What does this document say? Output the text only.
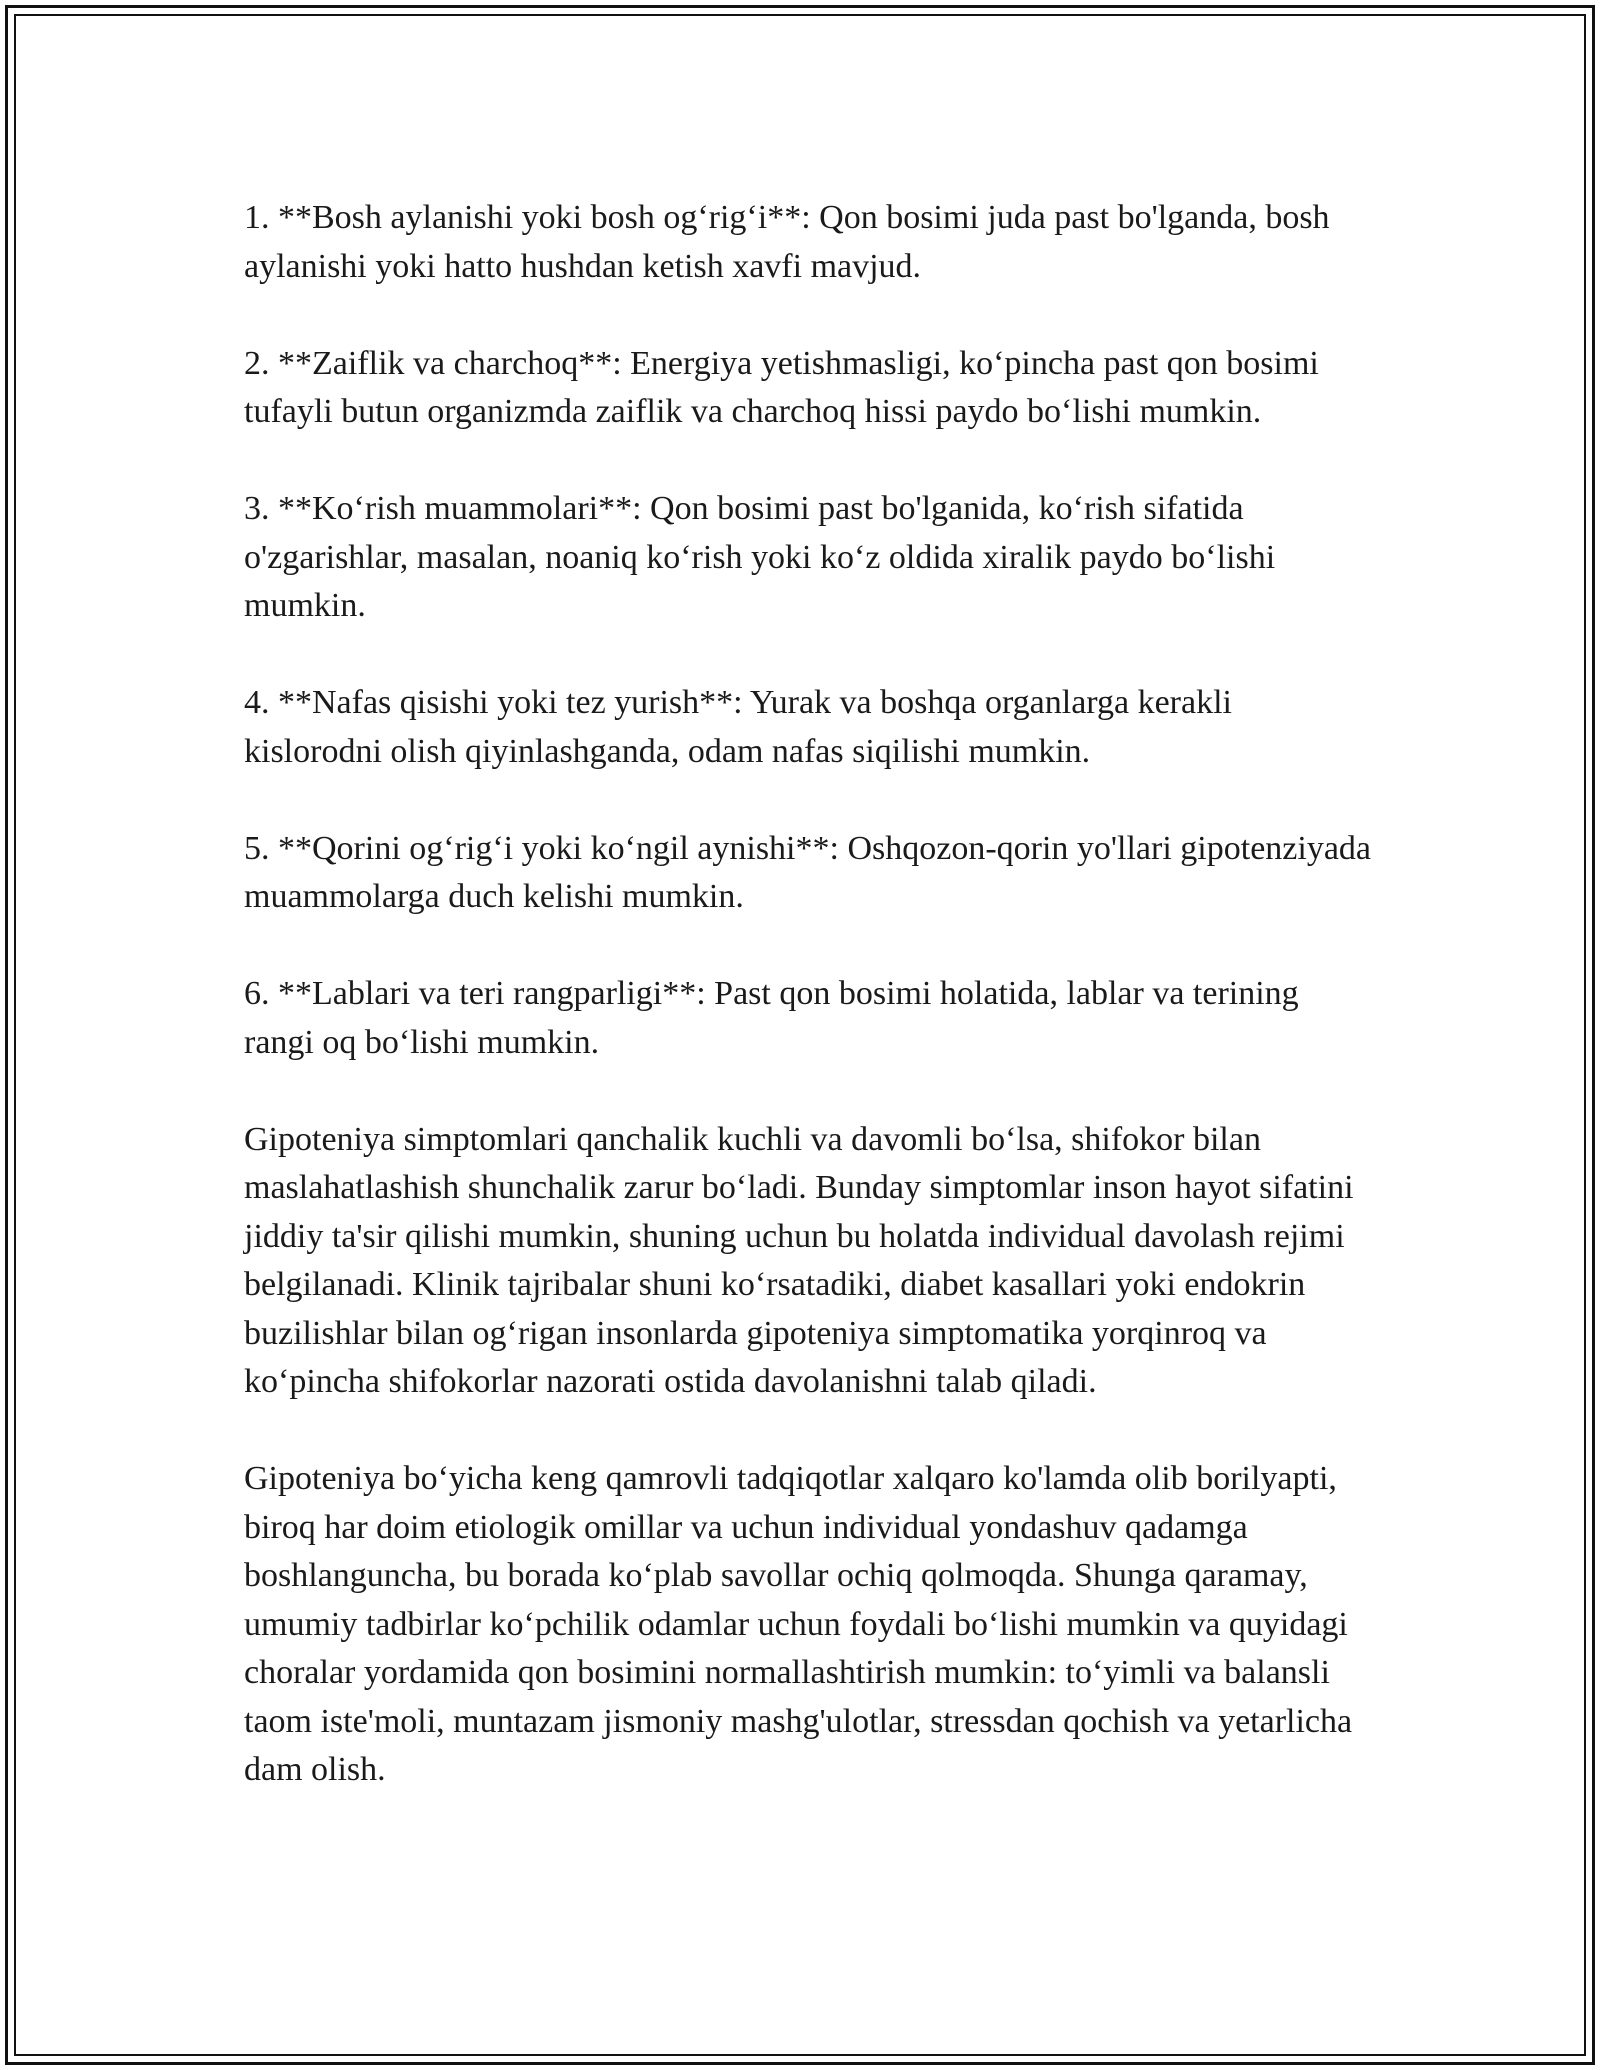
1. **Bosh aylanishi yoki bosh og‘rig‘i**: Qon bosimi juda past bo'lganda, bosh aylanishi yoki hatto hushdan ketish xavfi mavjud.

2. **Zaiflik va charchoq**: Energiya yetishmasligi, ko‘pincha past qon bosimi tufayli butun organizmda zaiflik va charchoq hissi paydo bo‘lishi mumkin.

3. **Ko‘rish muammolari**: Qon bosimi past bo'lganida, ko‘rish sifatida o'zgarishlar, masalan, noaniq ko‘rish yoki ko‘z oldida xiralik paydo bo‘lishi mumkin.

4. **Nafas qisishi yoki tez yurish**: Yurak va boshqa organlarga kerakli kislorodni olish qiyinlashganda, odam nafas siqilishi mumkin.

5. **Qorini og‘rig‘i yoki ko‘ngil aynishi**: Oshqozon-qorin yo'llari gipotenziyada muammolarga duch kelishi mumkin.

6. **Lablari va teri rangparligi**: Past qon bosimi holatida, lablar va terining rangi oq bo‘lishi mumkin.

Gipoteniya simptomlari qanchalik kuchli va davomli bo‘lsa, shifokor bilan maslahatlashish shunchalik zarur bo‘ladi. Bunday simptomlar inson hayot sifatini jiddiy ta'sir qilishi mumkin, shuning uchun bu holatda individual davolash rejimi belgilanadi. Klinik tajribalar shuni ko‘rsatadiki, diabet kasallari yoki endokrin buzilishlar bilan og‘rigan insonlarda gipoteniya simptomatika yorqinroq va ko‘pincha shifokorlar nazorati ostida davolanishni talab qiladi.

Gipoteniya bo‘yicha keng qamrovli tadqiqotlar xalqaro ko'lamda olib borilyapti, biroq har doim etiologik omillar va uchun individual yondashuv qadamga boshlanguncha, bu borada ko‘plab savollar ochiq qolmoqda. Shunga qaramay, umumiy tadbirlar ko‘pchilik odamlar uchun foydali bo‘lishi mumkin va quyidagi choralar yordamida qon bosimini normallashtirish mumkin: to‘yimli va balansli taom iste'moli, muntazam jismoniy mashg'ulotlar, stressdan qochish va yetarlicha dam olish.
